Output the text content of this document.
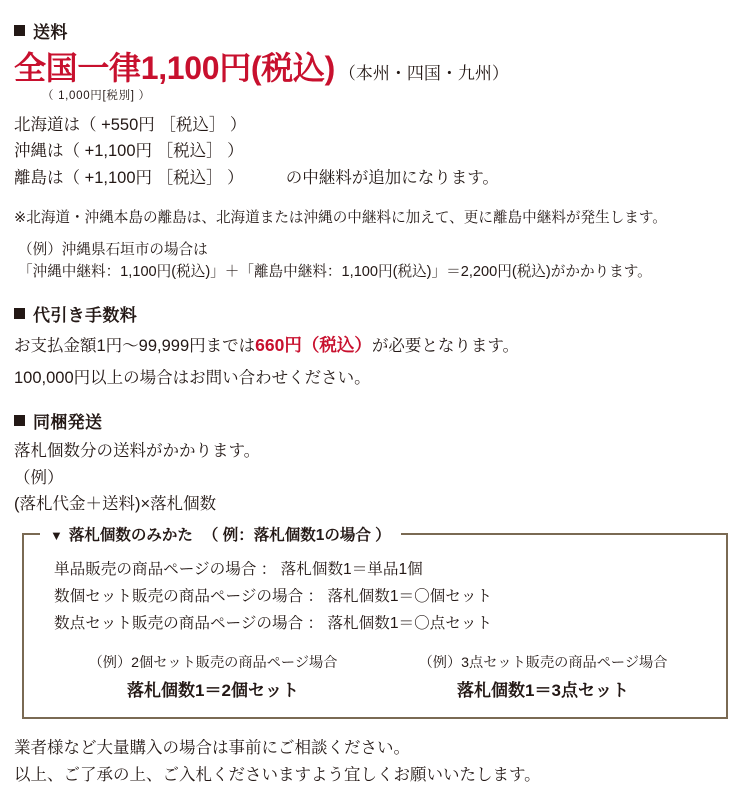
送料
全国一律1,100円(税込) （本州・四国・九州）
（ 1,000円[税別] ）
北海道は（ +550円 ［税込］ ）
沖縄は（ +1,100円 ［税込］ ）
離島は（ +1,100円 ［税込］ ）	の中継料が追加になります。
※北海道・沖縄本島の離島は、北海道または沖縄の中継料に加えて、更に離島中継料が発生します。
（例）沖縄県石垣市の場合は
「沖縄中継料：1,100円(税込)」＋「離島中継料：1,100円(税込)」＝2,200円(税込)がかかります。
代引き手数料
お支払金額1円〜99,999円までは660円（税込）が必要となります。
100,000円以上の場合はお問い合わせください。
同梱発送
落札個数分の送料がかかります。
（例）
(落札代金＋送料)×落札個数
▼ 落札個数のみかた （ 例：落札個数1の場合 ）
単品販売の商品ページの場合 ： 落札個数1＝単品1個
数個セット販売の商品ページの場合 ： 落札個数1＝〇個セット
数点セット販売の商品ページの場合 ： 落札個数1＝〇点セット
（例）2個セット販売の商品ページ場合
落札個数1＝2個セット
（例）3点セット販売の商品ページ場合
落札個数1＝3点セット
業者様など大量購入の場合は事前にご相談ください。
以上、ご了承の上、ご入札くださいますよう宜しくお願いいたします。
